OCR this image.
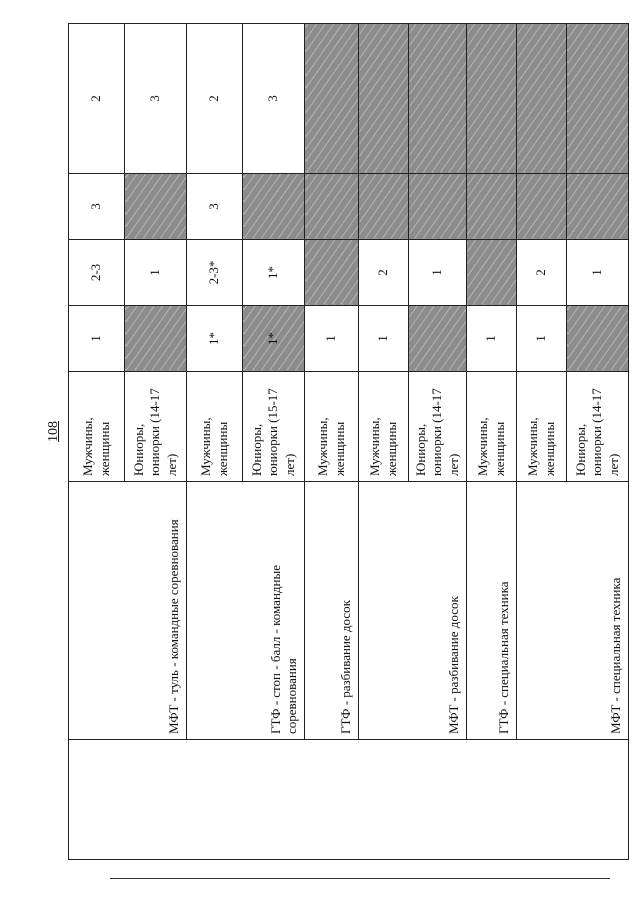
108
	МФТ - туль - командные соревнования	Мужчины, женщины	1	2-3	3	2
		Юниоры, юниорки (14-17 лет)		1		3
	ГТФ - стоп - балл - командные соревнования	Мужчины, женщины	1*	2-3*	3	2
		Юниоры, юниорки (15-17 лет)	1*	1*		3
	ГТФ - разбивание досок	Мужчины, женщины	1			
	МФТ - разбивание досок	Мужчины, женщины	1	2		
		Юниоры, юниорки (14-17 лет)		1		
	ГТФ - специальная техника	Мужчины, женщины	1			
	МФТ - специальная техника	Мужчины, женщины	1	2		
		Юниоры, юниорки (14-17 лет)		1		
